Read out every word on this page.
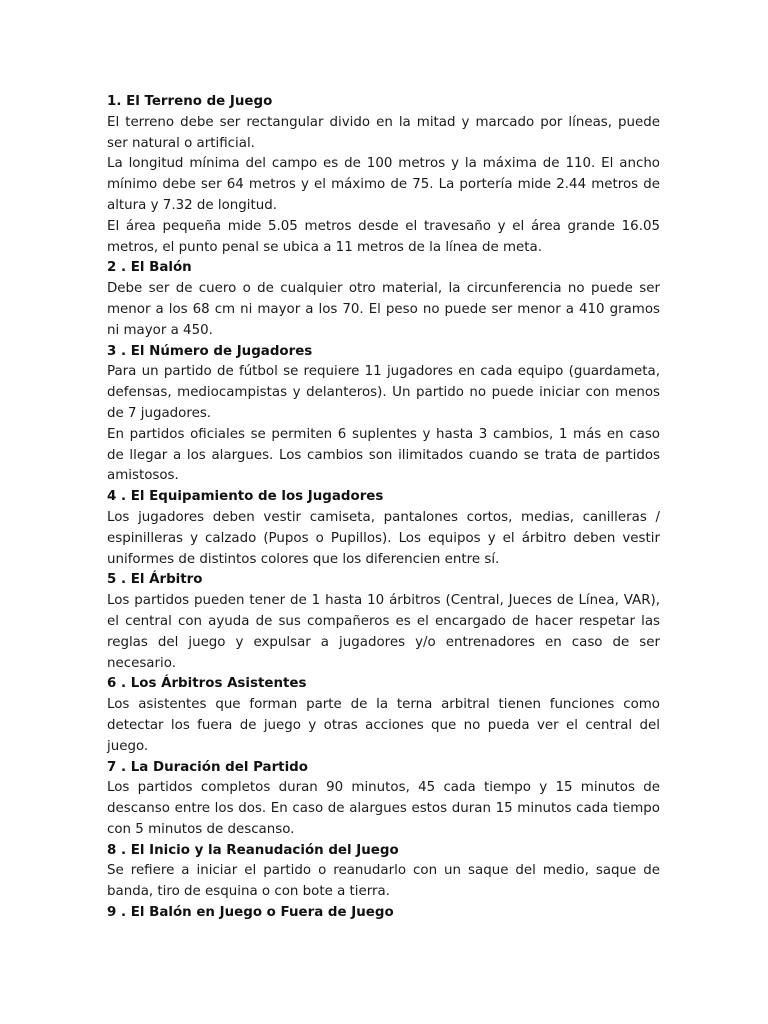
1. El Terreno de Juego

El terreno debe ser rectangular divido en la mitad y marcado por líneas, puede ser natural o artificial.

La longitud mínima del campo es de 100 metros y la máxima de 110. El ancho mínimo debe ser 64 metros y el máximo de 75. La portería mide 2.44 metros de altura y 7.32 de longitud.

El área pequeña mide 5.05 metros desde el travesaño y el área grande 16.05 metros, el punto penal se ubica a 11 metros de la línea de meta.

2 . El Balón

Debe ser de cuero o de cualquier otro material, la circunferencia no puede ser menor a los 68 cm ni mayor a los 70. El peso no puede ser menor a 410 gramos ni mayor a 450.

3 . El Número de Jugadores

Para un partido de fútbol se requiere 11 jugadores en cada equipo (guardameta, defensas, mediocampistas y delanteros). Un partido no puede iniciar con menos de 7 jugadores.

En partidos oficiales se permiten 6 suplentes y hasta 3 cambios, 1 más en caso de llegar a los alargues. Los cambios son ilimitados cuando se trata de partidos amistosos.

4 . El Equipamiento de los Jugadores

Los jugadores deben vestir camiseta, pantalones cortos, medias, canilleras / espinilleras y calzado (Pupos o Pupillos). Los equipos y el árbitro deben vestir uniformes de distintos colores que los diferencien entre sí.

5 . El Árbitro

Los partidos pueden tener de 1 hasta 10 árbitros (Central, Jueces de Línea, VAR), el central con ayuda de sus compañeros es el encargado de hacer respetar las reglas del juego y expulsar a jugadores y/o entrenadores en caso de ser necesario.

6 . Los Árbitros Asistentes

Los asistentes que forman parte de la terna arbitral tienen funciones como detectar los fuera de juego y otras acciones que no pueda ver el central del juego.

7 . La Duración del Partido

Los partidos completos duran 90 minutos, 45 cada tiempo y 15 minutos de descanso entre los dos. En caso de alargues estos duran 15 minutos cada tiempo con 5 minutos de descanso.

8 . El Inicio y la Reanudación del Juego

Se refiere a iniciar el partido o reanudarlo con un saque del medio, saque de banda, tiro de esquina o con bote a tierra.

9 . El Balón en Juego o Fuera de Juego
